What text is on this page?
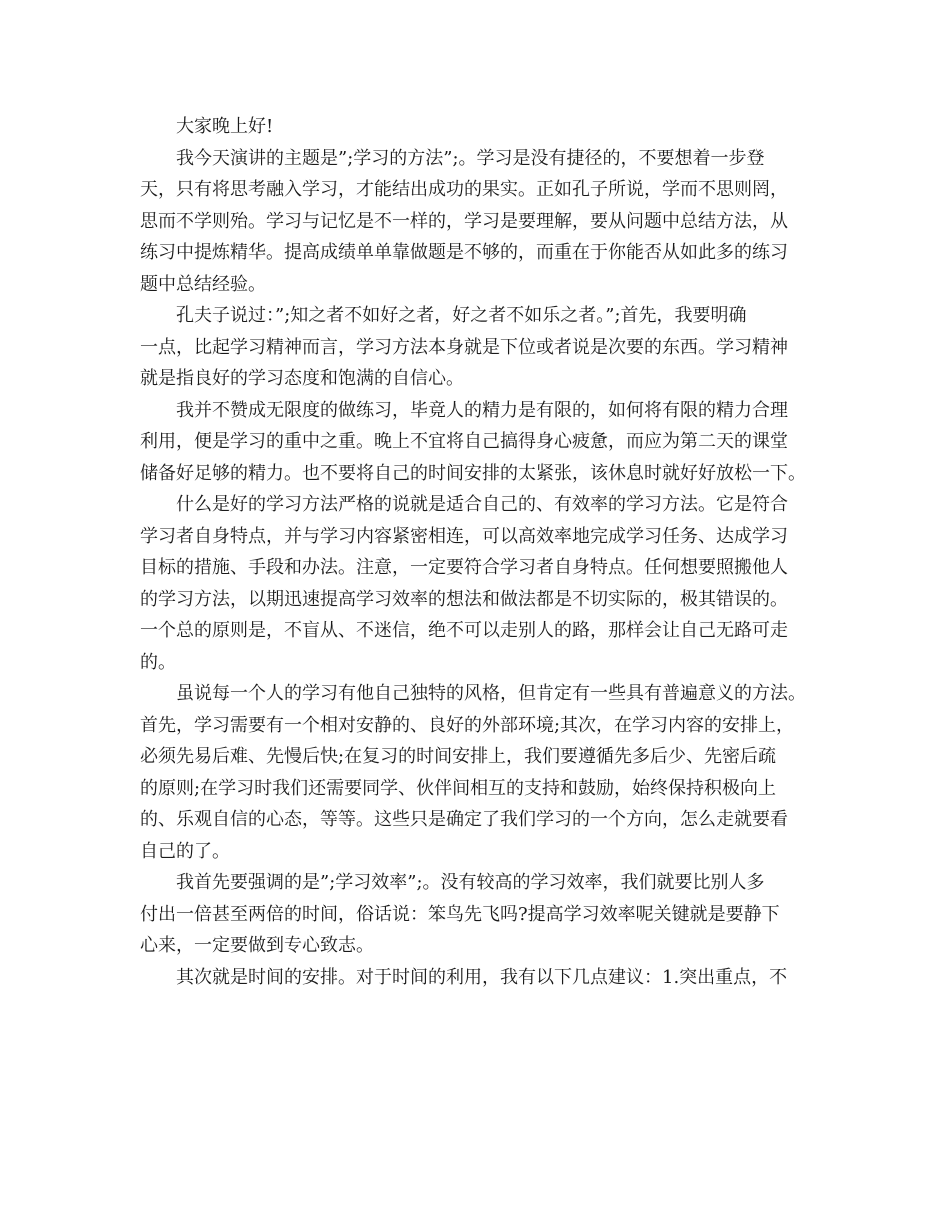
大家晚上好!
我今天演讲的主题是”;学习的方法”;。学习是没有捷径的，不要想着一步登
天，只有将思考融入学习，才能结出成功的果实。正如孔子所说，学而不思则罔，
思而不学则殆。学习与记忆是不一样的，学习是要理解，要从问题中总结方法，从
练习中提炼精华。提高成绩单单靠做题是不够的，而重在于你能否从如此多的练习
题中总结经验。
孔夫子说过：”;知之者不如好之者，好之者不如乐之者。”;首先，我要明确
一点，比起学习精神而言，学习方法本身就是下位或者说是次要的东西。学习精神
就是指良好的学习态度和饱满的自信心。
我并不赞成无限度的做练习，毕竟人的精力是有限的，如何将有限的精力合理
利用，便是学习的重中之重。晚上不宜将自己搞得身心疲惫，而应为第二天的课堂
储备好足够的精力。也不要将自己的时间安排的太紧张，该休息时就好好放松一下。
什么是好的学习方法严格的说就是适合自己的、有效率的学习方法。它是符合
学习者自身特点，并与学习内容紧密相连，可以高效率地完成学习任务、达成学习
目标的措施、手段和办法。注意，一定要符合学习者自身特点。任何想要照搬他人
的学习方法，以期迅速提高学习效率的想法和做法都是不切实际的，极其错误的。
一个总的原则是，不盲从、不迷信，绝不可以走别人的路，那样会让自己无路可走
的。
虽说每一个人的学习有他自己独特的风格，但肯定有一些具有普遍意义的方法。
首先，学习需要有一个相对安静的、良好的外部环境;其次，在学习内容的安排上，
必须先易后难、先慢后快;在复习的时间安排上，我们要遵循先多后少、先密后疏
的原则;在学习时我们还需要同学、伙伴间相互的支持和鼓励，始终保持积极向上
的、乐观自信的心态，等等。这些只是确定了我们学习的一个方向，怎么走就要看
自己的了。
我首先要强调的是”;学习效率”;。没有较高的学习效率，我们就要比别人多
付出一倍甚至两倍的时间，俗话说：笨鸟先飞吗?提高学习效率呢关键就是要静下
心来，一定要做到专心致志。
其次就是时间的安排。对于时间的利用，我有以下几点建议：1.突出重点，不
